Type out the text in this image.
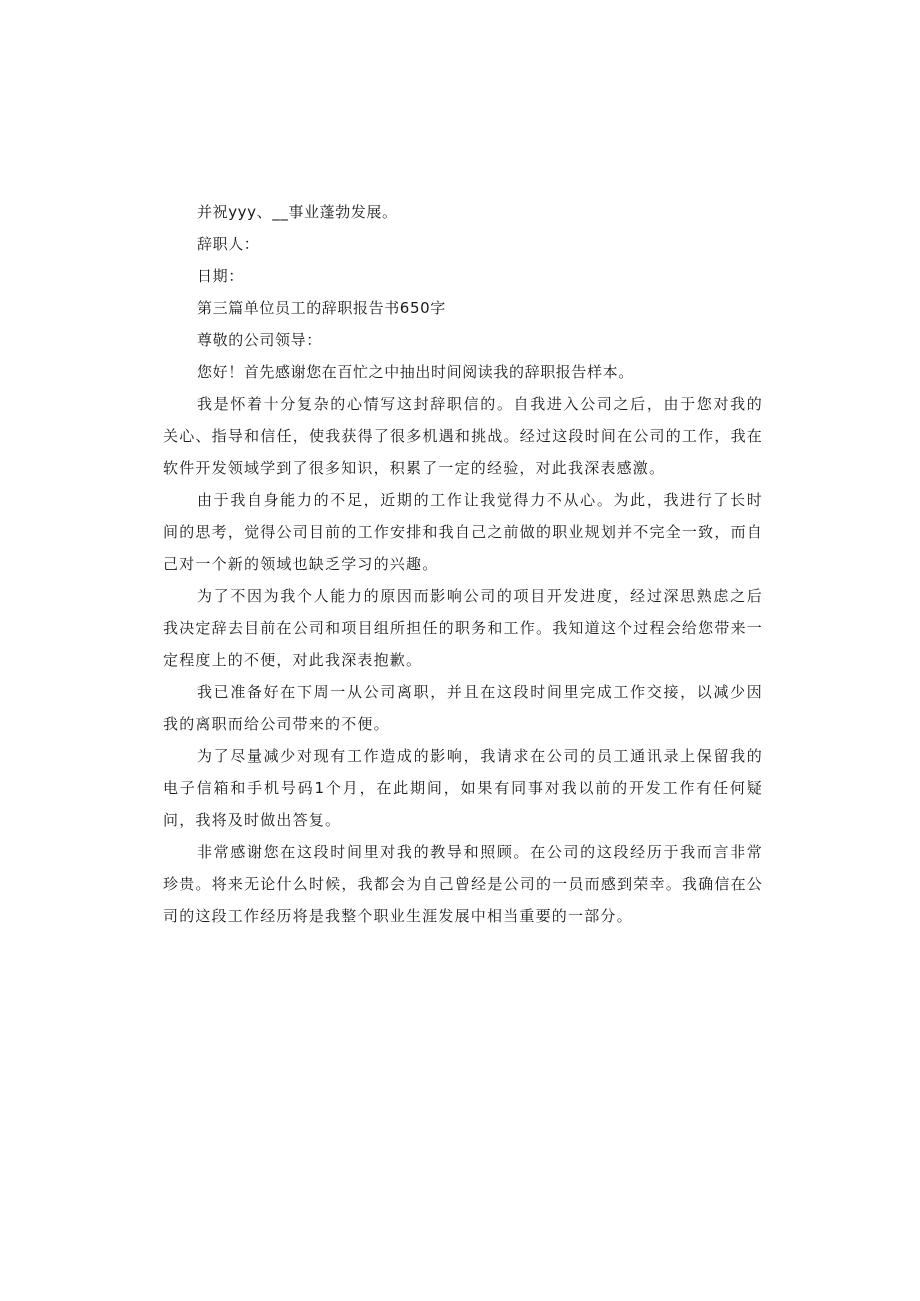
并祝yyy、__事业蓬勃发展。

辞职人：

日期：

第三篇单位员工的辞职报告书650字

尊敬的公司领导：

您好！首先感谢您在百忙之中抽出时间阅读我的辞职报告样本。

我是怀着十分复杂的心情写这封辞职信的。自我进入公司之后，由于您对我的关心、指导和信任，使我获得了很多机遇和挑战。经过这段时间在公司的工作，我在软件开发领域学到了很多知识，积累了一定的经验，对此我深表感激。

由于我自身能力的不足，近期的工作让我觉得力不从心。为此，我进行了长时间的思考，觉得公司目前的工作安排和我自己之前做的职业规划并不完全一致，而自己对一个新的领域也缺乏学习的兴趣。

为了不因为我个人能力的原因而影响公司的项目开发进度，经过深思熟虑之后我决定辞去目前在公司和项目组所担任的职务和工作。我知道这个过程会给您带来一定程度上的不便，对此我深表抱歉。

我已准备好在下周一从公司离职，并且在这段时间里完成工作交接，以减少因我的离职而给公司带来的不便。

为了尽量减少对现有工作造成的影响，我请求在公司的员工通讯录上保留我的电子信箱和手机号码1个月，在此期间，如果有同事对我以前的开发工作有任何疑问，我将及时做出答复。

非常感谢您在这段时间里对我的教导和照顾。在公司的这段经历于我而言非常珍贵。将来无论什么时候，我都会为自己曾经是公司的一员而感到荣幸。我确信在公司的这段工作经历将是我整个职业生涯发展中相当重要的一部分。
